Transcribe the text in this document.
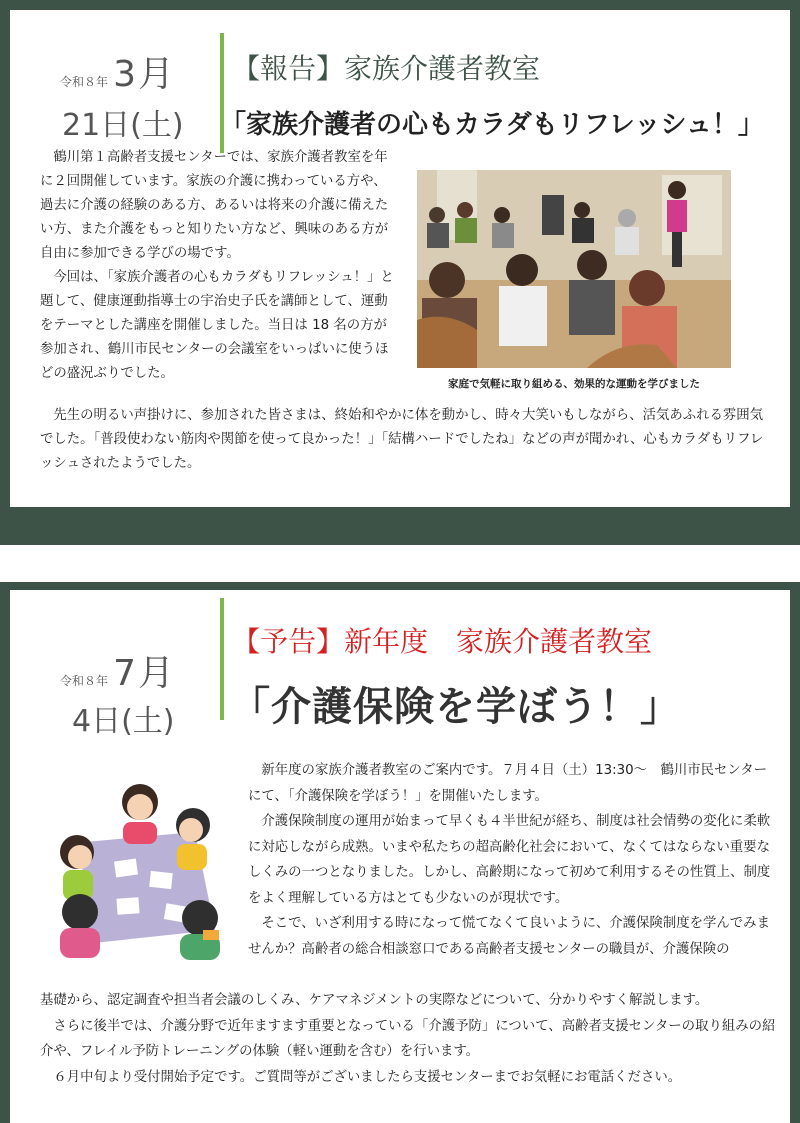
令和８年 3月
21日(土)
【報告】家族介護者教室
「家族介護者の心もカラダもリフレッシュ！」

　鶴川第１高齢者支援センターでは、家族介護者教室を年に２回開催しています。家族の介護に携わっている方や、過去に介護の経験のある方、あるいは将来の介護に備えたい方、また介護をもっと知りたい方など、興味のある方が自由に参加できる学びの場です。

　今回は、「家族介護者の心もカラダもリフレッシュ！」と題して、健康運動指導士の宇治史子氏を講師として、運動をテーマとした講座を開催しました。当日は 18 名の方が参加され、鶴川市民センターの会議室をいっぱいに使うほどの盛況ぶりでした。

家庭で気軽に取り組める、効果的な運動を学びました

　先生の明るい声掛けに、参加された皆さまは、終始和やかに体を動かし、時々大笑いもしながら、活気あふれる雰囲気でした。「普段使わない筋肉や関節を使って良かった！」「結構ハードでしたね」などの声が聞かれ、心もカラダもリフレッシュされたようでした。

令和８年 7月
4日(土)
【予告】新年度　家族介護者教室
「介護保険を学ぼう！」

　新年度の家族介護者教室のご案内です。７月４日（土）13:30～　鶴川市民センターにて、「介護保険を学ぼう！」を開催いたします。

　介護保険制度の運用が始まって早くも４半世紀が経ち、制度は社会情勢の変化に柔軟に対応しながら成熟。いまや私たちの超高齢化社会において、なくてはならない重要なしくみの一つとなりました。しかし、高齢期になって初めて利用するその性質上、制度をよく理解している方はとても少ないのが現状です。

　そこで、いざ利用する時になって慌てなくて良いように、介護保険制度を学んでみませんか？高齢者の総合相談窓口である高齢者支援センターの職員が、介護保険の

基礎から、認定調査や担当者会議のしくみ、ケアマネジメントの実際などについて、分かりやすく解説します。

　さらに後半では、介護分野で近年ますます重要となっている「介護予防」について、高齢者支援センターの取り組みの紹介や、フレイル予防トレーニングの体験（軽い運動を含む）を行います。

　６月中旬より受付開始予定です。ご質問等がございましたら支援センターまでお気軽にお電話ください。
